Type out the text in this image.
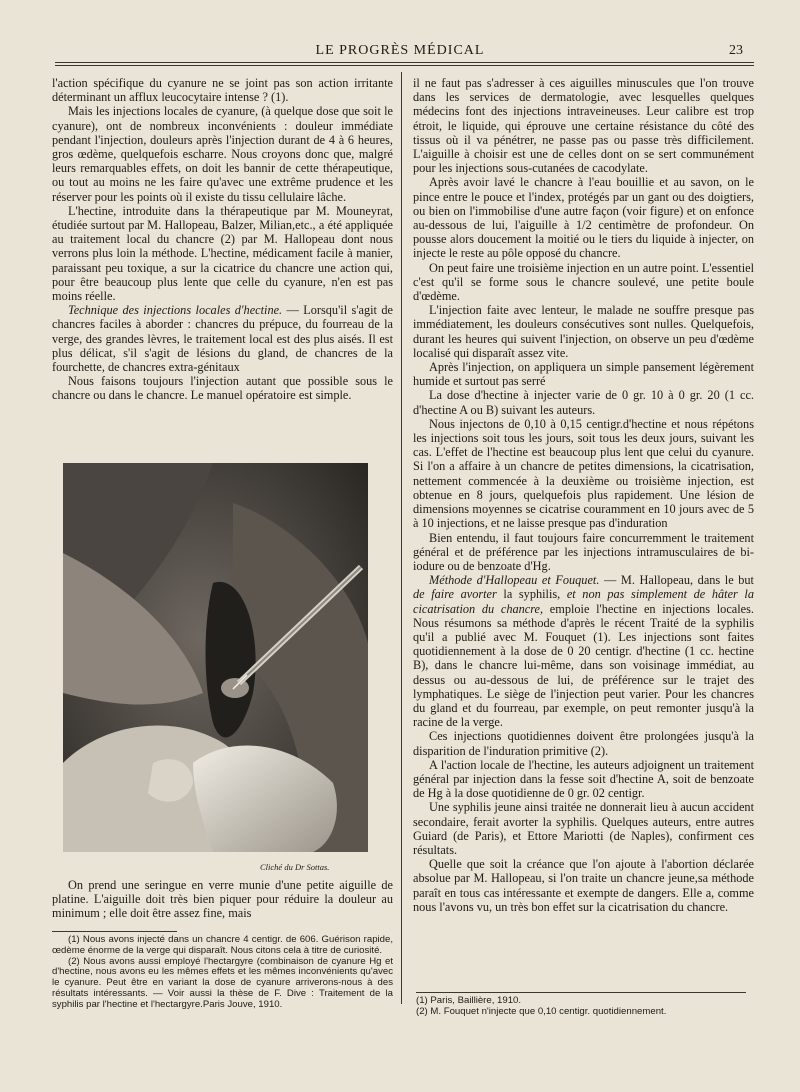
LE PROGRÈS MÉDICAL	23

l'action spécifique du cyanure ne se joint pas son action irritante déterminant un afflux leucocytaire intense ? (1).

Mais les injections locales de cyanure, (à quelque dose que soit le cyanure), ont de nombreux inconvénients : douleur immédiate pendant l'injection, douleurs après l'injection durant de 4 à 6 heures, gros œdème, quelquefois escharre. Nous croyons donc que, malgré leurs remarquables effets, on doit les bannir de cette thérapeutique, ou tout au moins ne les faire qu'avec une extrême prudence et les réserver pour les points où il existe du tissu cellulaire lâche.

L'hectine, introduite dans la thérapeutique par M. Mouneyrat, étudiée surtout par M. Hallopeau, Balzer, Milian,etc., a été appliquée au traitement local du chancre (2) par M. Hallopeau dont nous verrons plus loin la méthode. L'hectine, médicament facile à manier, paraissant peu toxique, a sur la cicatrice du chancre une action qui, pour être beaucoup plus lente que celle du cyanure, n'en est pas moins réelle.

Technique des injections locales d'hectine. — Lorsqu'il s'agit de chancres faciles à aborder : chancres du prépuce, du fourreau de la verge, des grandes lèvres, le traitement local est des plus aisés. Il est plus délicat, s'il s'agit de lésions du gland, de chancres de la fourchette, de chancres extra-génitaux

Nous faisons toujours l'injection autant que possible sous le chancre ou dans le chancre. Le manuel opératoire est simple.

Cliché du Dr Sottas.

On prend une seringue en verre munie d'une petite aiguille de platine. L'aiguille doit très bien piquer pour réduire la douleur au minimum ; elle doit être assez fine, mais

(1) Nous avons injecté dans un chancre 4 centigr. de 606. Guérison rapide, œdème énorme de la verge qui disparaît. Nous citons cela à titre de curiosité.

(2) Nous avons aussi employé l'hectargyre (combinaison de cyanure Hg et d'hectine, nous avons eu les mêmes effets et les mêmes inconvénients qu'avec le cyanure. Peut être en variant la dose de cyanure arriverons-nous à des résultats intéressants. — Voir aussi la thèse de F. Dive : Traitement de la syphilis par l'hectine et l'hectargyre.Paris Jouve, 1910.

il ne faut pas s'adresser à ces aiguilles minuscules que l'on trouve dans les services de dermatologie, avec lesquelles quelques médecins font des injections intraveineuses. Leur calibre est trop étroit, le liquide, qui éprouve une certaine résistance du côté des tissus où il va pénétrer, ne passe pas ou passe très difficilement. L'aiguille à choisir est une de celles dont on se sert communément pour les injections sous-cutanées de cacodylate.

Après avoir lavé le chancre à l'eau bouillie et au savon, on le pince entre le pouce et l'index, protégés par un gant ou des doigtiers, ou bien on l'immobilise d'une autre façon (voir figure) et on enfonce au-dessous de lui, l'aiguille à 1/2 centimètre de profondeur. On pousse alors doucement la moitié ou le tiers du liquide à injecter, on injecte le reste au pôle opposé du chancre.

On peut faire une troisième injection en un autre point. L'essentiel c'est qu'il se forme sous le chancre soulevé, une petite boule d'œdème.

L'injection faite avec lenteur, le malade ne souffre presque pas immédiatement, les douleurs consécutives sont nulles. Quelquefois, durant les heures qui suivent l'injection, on observe un peu d'œdème localisé qui disparaît assez vite.

Après l'injection, on appliquera un simple pansement légèrement humide et surtout pas serré

La dose d'hectine à injecter varie de 0 gr. 10 à 0 gr. 20 (1 cc. d'hectine A ou B) suivant les auteurs.

Nous injectons de 0,10 à 0,15 centigr.d'hectine et nous répétons les injections soit tous les jours, soit tous les deux jours, suivant les cas. L'effet de l'hectine est beaucoup plus lent que celui du cyanure. Si l'on a affaire à un chancre de petites dimensions, la cicatrisation, nettement commencée à la deuxième ou troisième injection, est obtenue en 8 jours, quelquefois plus rapidement. Une lésion de dimensions moyennes se cicatrise couramment en 10 jours avec de 5 à 10 injections, et ne laisse presque pas d'induration

Bien entendu, il faut toujours faire concurremment le traitement général et de préférence par les injections intramusculaires de bi-iodure ou de benzoate d'Hg.

Méthode d'Hallopeau et Fouquet. — M. Hallopeau, dans le but de faire avorter la syphilis, et non pas simplement de hâter la cicatrisation du chancre, emploie l'hectine en injections locales. Nous résumons sa méthode d'après le récent Traité de la syphilis qu'il a publié avec M. Fouquet (1). Les injections sont faites quotidiennement à la dose de 0 20 centigr. d'hectine (1 cc. hectine B), dans le chancre lui-même, dans son voisinage immédiat, au dessus ou au-dessous de lui, de préférence sur le trajet des lymphatiques. Le siège de l'injection peut varier. Pour les chancres du gland et du fourreau, par exemple, on peut remonter jusqu'à la racine de la verge.

Ces injections quotidiennes doivent être prolongées jusqu'à la disparition de l'induration primitive (2).

A l'action locale de l'hectine, les auteurs adjoignent un traitement général par injection dans la fesse soit d'hectine A, soit de benzoate de Hg à la dose quotidienne de 0 gr. 02 centigr.

Une syphilis jeune ainsi traitée ne donnerait lieu à aucun accident secondaire, ferait avorter la syphilis. Quelques auteurs, entre autres Guiard (de Paris), et Ettore Mariotti (de Naples), confirment ces résultats.

Quelle que soit la créance que l'on ajoute à l'abortion déclarée absolue par M. Hallopeau, si l'on traite un chancre jeune,sa méthode paraît en tous cas intéressante et exempte de dangers. Elle a, comme nous l'avons vu, un très bon effet sur la cicatrisation du chancre.

(1) Paris, Baillière, 1910.

(2) M. Fouquet n'injecte que 0,10 centigr. quotidiennement.
